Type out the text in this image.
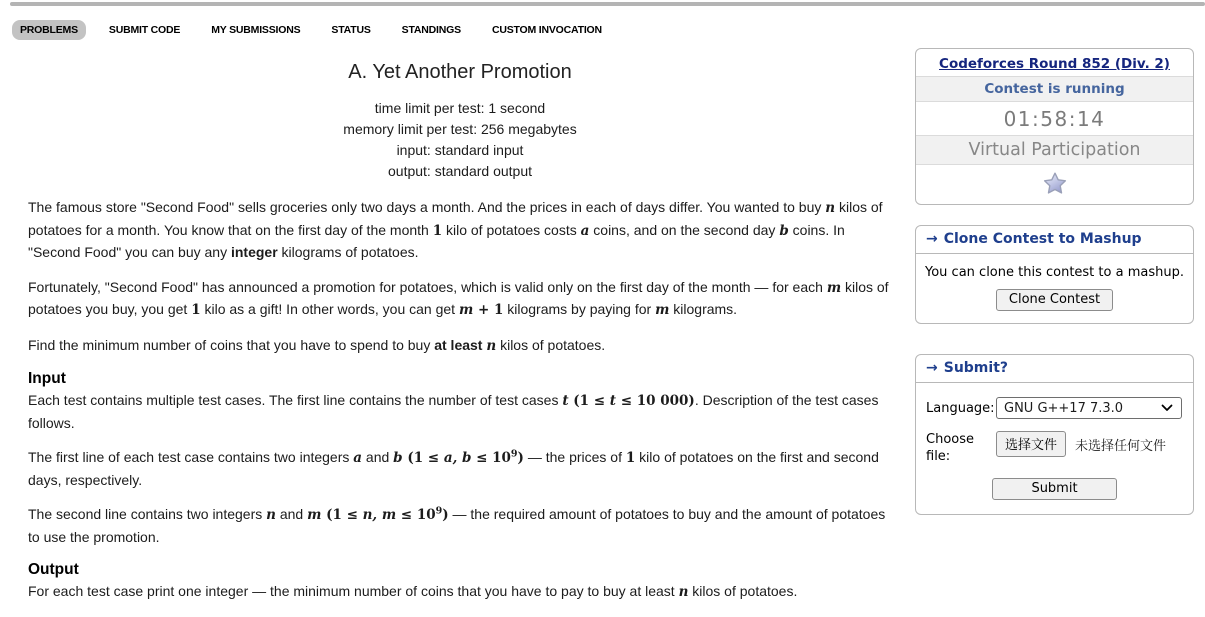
PROBLEMS	SUBMIT CODE	MY SUBMISSIONS	STATUS	STANDINGS	CUSTOM INVOCATION
A. Yet Another Promotion
time limit per test: 1 second
memory limit per test: 256 megabytes
input: standard input
output: standard output

The famous store "Second Food" sells groceries only two days a month. And the prices in each of days differ. You wanted to buy n kilos of potatoes for a month. You know that on the first day of the month 1 kilo of potatoes costs a coins, and on the second day b coins. In "Second Food" you can buy any integer kilograms of potatoes.

Fortunately, "Second Food" has announced a promotion for potatoes, which is valid only on the first day of the month — for each m kilos of potatoes you buy, you get 1 kilo as a gift! In other words, you can get m + 1 kilograms by paying for m kilograms.

Find the minimum number of coins that you have to spend to buy at least n kilos of potatoes.

Input

Each test contains multiple test cases. The first line contains the number of test cases t (1 ≤ t ≤ 10 000). Description of the test cases follows.

The first line of each test case contains two integers a and b (1 ≤ a, $b \le 10^9$) — the prices of 1 kilo of potatoes on the first and second days, respectively.

The second line contains two integers n and m (1 ≤ n, $m \le 10^9$) — the required amount of potatoes to buy and the amount of potatoes to use the promotion.

Output

For each test case print one integer — the minimum number of coins that you have to pay to buy at least n kilos of potatoes.

Codeforces Round 852 (Div. 2)
Contest is running
01:58:14
Virtual Participation
→ Clone Contest to Mashup
You can clone this contest to a mashup.
Clone Contest
→ Submit?
Language: GNU G++17 7.3.0
Choose file:
选择文件	未选择任何文件
Submit
